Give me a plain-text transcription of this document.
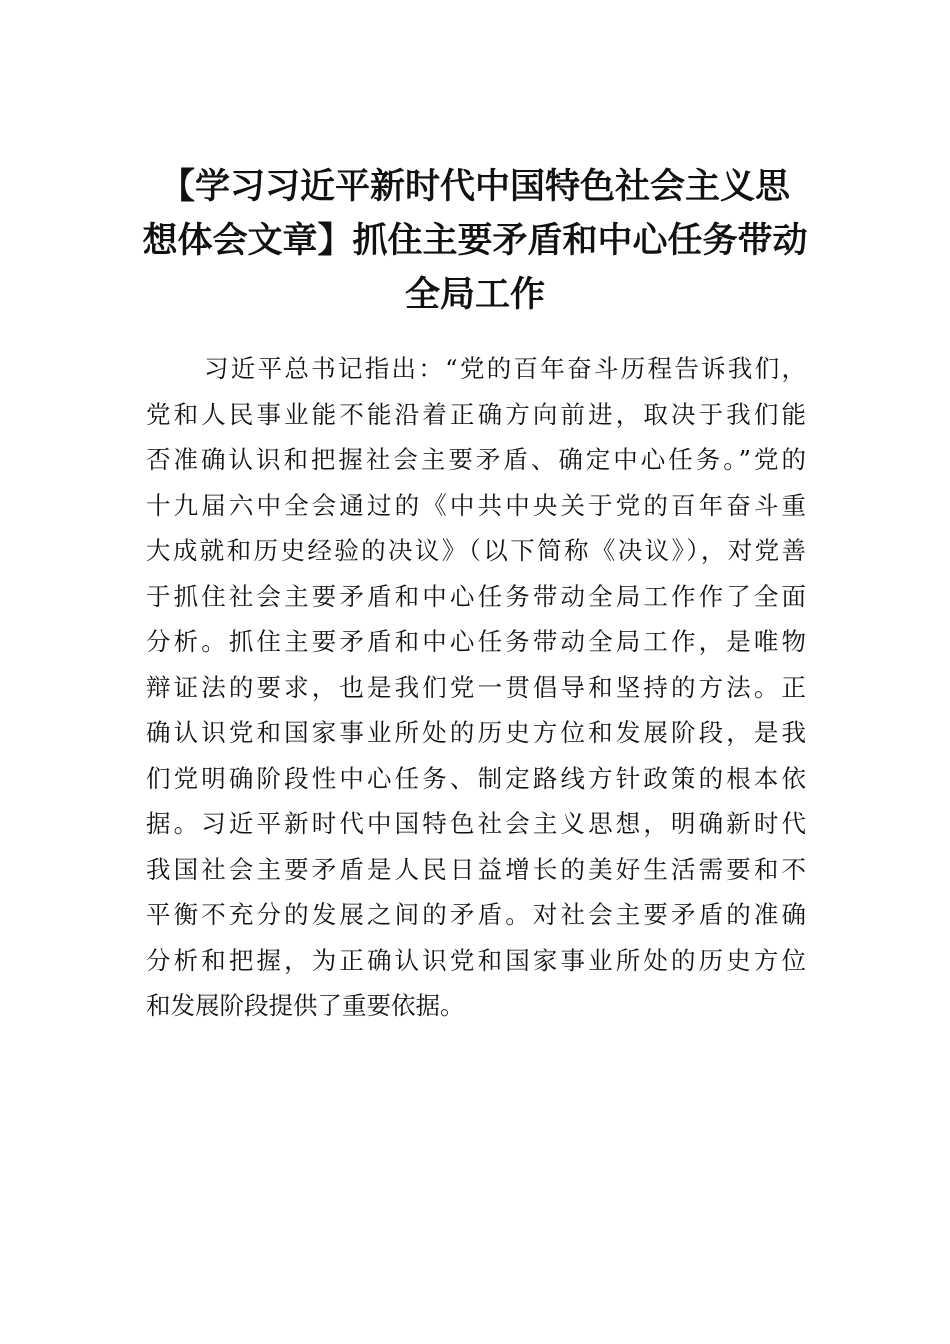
【学习习近平新时代中国特色社会主义思
想体会文章】抓住主要矛盾和中心任务带动
全局工作
习近平总书记指出：“党的百年奋斗历程告诉我们，
党和人民事业能不能沿着正确方向前进，取决于我们能
否准确认识和把握社会主要矛盾、确定中心任务。”党的
十九届六中全会通过的《中共中央关于党的百年奋斗重
大成就和历史经验的决议》（以下简称《决议》），对党善
于抓住社会主要矛盾和中心任务带动全局工作作了全面
分析。抓住主要矛盾和中心任务带动全局工作，是唯物
辩证法的要求，也是我们党一贯倡导和坚持的方法。正
确认识党和国家事业所处的历史方位和发展阶段，是我
们党明确阶段性中心任务、制定路线方针政策的根本依
据。习近平新时代中国特色社会主义思想，明确新时代
我国社会主要矛盾是人民日益增长的美好生活需要和不
平衡不充分的发展之间的矛盾。对社会主要矛盾的准确
分析和把握，为正确认识党和国家事业所处的历史方位
和发展阶段提供了重要依据。
